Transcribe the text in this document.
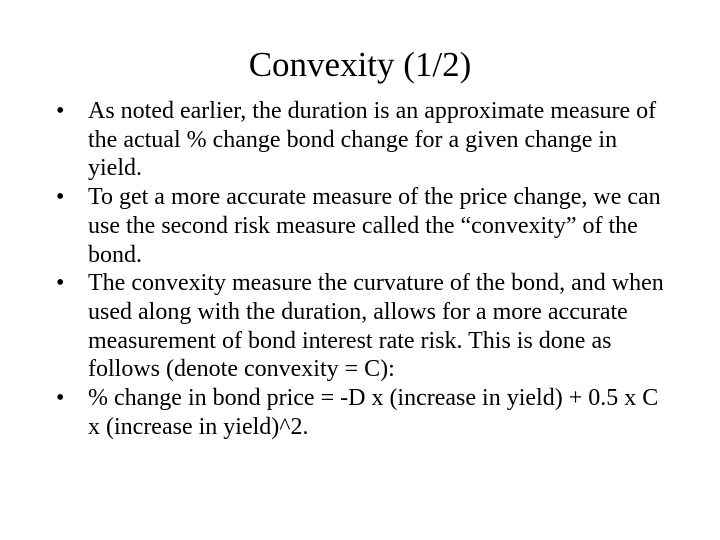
Convexity (1/2)
• As noted earlier, the duration is an approximate measure of the actual % change bond change for a given change in yield.
• To get a more accurate measure of the price change, we can use the second risk measure called the “convexity” of the bond.
• The convexity measure the curvature of the bond, and when used along with the duration, allows for a more accurate measurement of bond interest rate risk. This is done as follows (denote convexity = C):
• % change in bond price = -D x (increase in yield) + 0.5 x C x (increase in yield)^2.
